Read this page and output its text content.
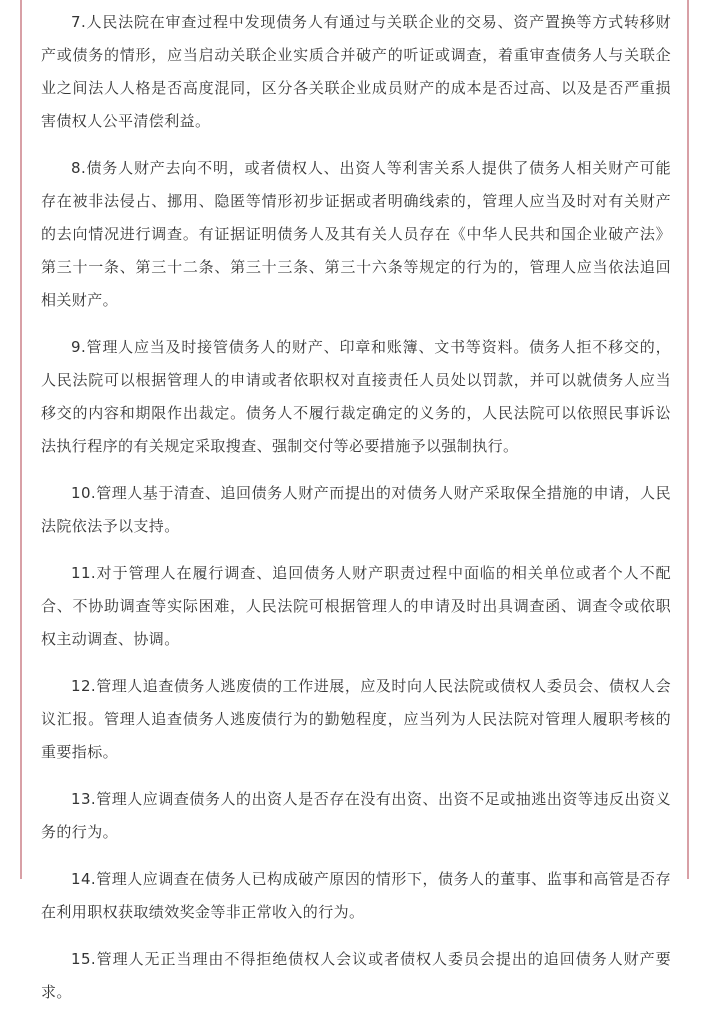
7.人民法院在审查过程中发现债务人有通过与关联企业的交易、资产置换等方式转移财产或债务的情形，应当启动关联企业实质合并破产的听证或调查，着重审查债务人与关联企业之间法人人格是否高度混同，区分各关联企业成员财产的成本是否过高、以及是否严重损害债权人公平清偿利益。

8.债务人财产去向不明，或者债权人、出资人等利害关系人提供了债务人相关财产可能存在被非法侵占、挪用、隐匿等情形初步证据或者明确线索的，管理人应当及时对有关财产的去向情况进行调查。有证据证明债务人及其有关人员存在《中华人民共和国企业破产法》第三十一条、第三十二条、第三十三条、第三十六条等规定的行为的，管理人应当依法追回相关财产。

9.管理人应当及时接管债务人的财产、印章和账簿、文书等资料。债务人拒不移交的，人民法院可以根据管理人的申请或者依职权对直接责任人员处以罚款，并可以就债务人应当移交的内容和期限作出裁定。债务人不履行裁定确定的义务的，人民法院可以依照民事诉讼法执行程序的有关规定采取搜查、强制交付等必要措施予以强制执行。

10.管理人基于清查、追回债务人财产而提出的对债务人财产采取保全措施的申请，人民法院依法予以支持。

11.对于管理人在履行调查、追回债务人财产职责过程中面临的相关单位或者个人不配合、不协助调查等实际困难，人民法院可根据管理人的申请及时出具调查函、调查令或依职权主动调查、协调。

12.管理人追查债务人逃废债的工作进展，应及时向人民法院或债权人委员会、债权人会议汇报。管理人追查债务人逃废债行为的勤勉程度，应当列为人民法院对管理人履职考核的重要指标。

13.管理人应调查债务人的出资人是否存在没有出资、出资不足或抽逃出资等违反出资义务的行为。

14.管理人应调查在债务人已构成破产原因的情形下，债务人的董事、监事和高管是否存在利用职权获取绩效奖金等非正常收入的行为。

15.管理人无正当理由不得拒绝债权人会议或者债权人委员会提出的追回债务人财产要求。
